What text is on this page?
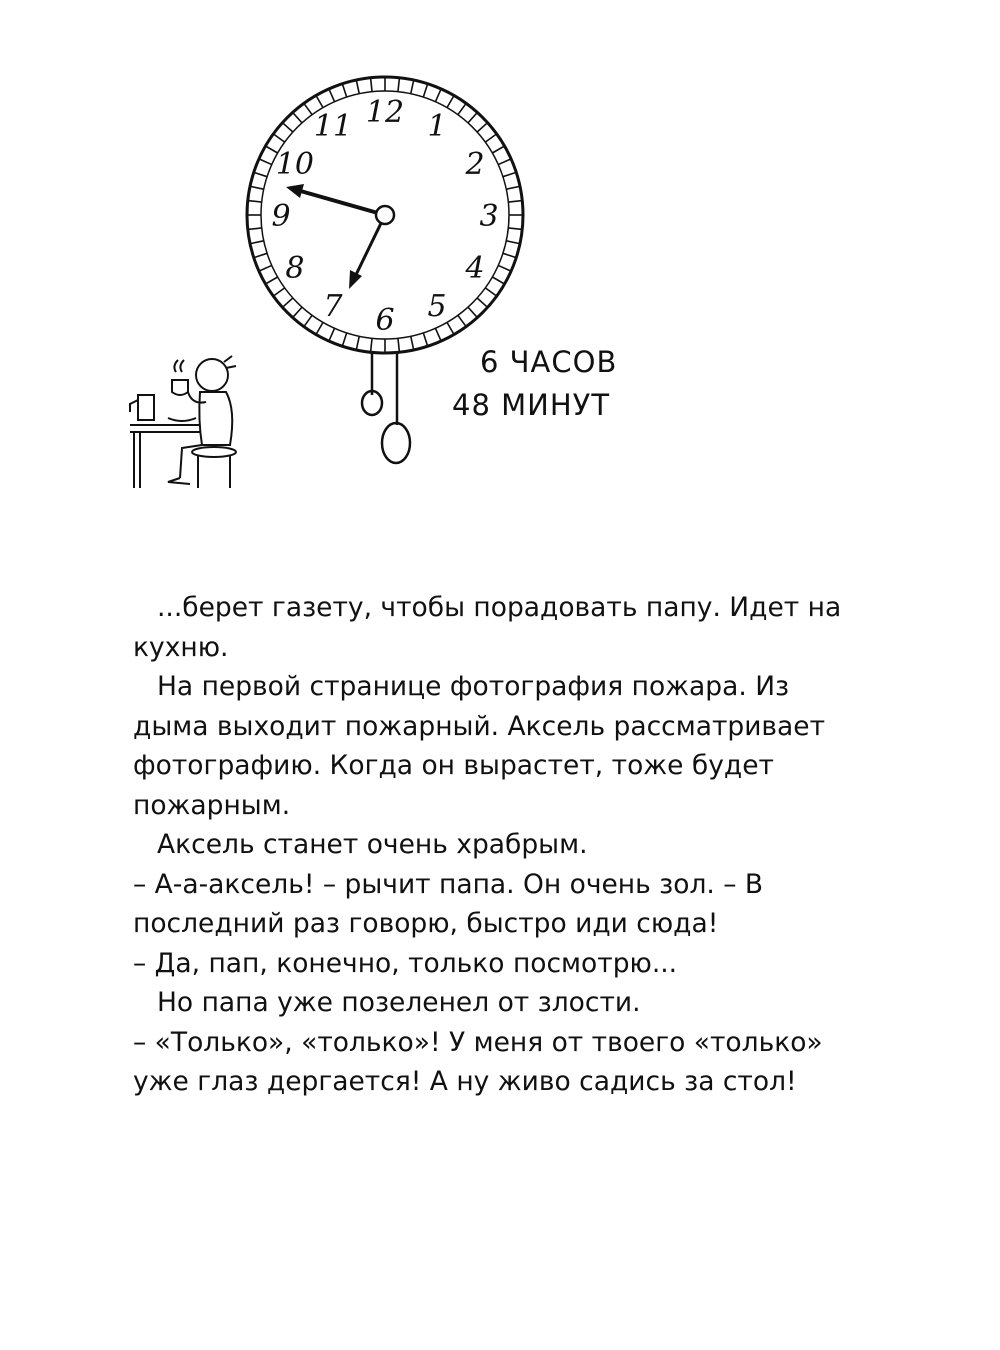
1
2
3
4
5
6
7
8
9
10
11 12
6 ЧАСОВ
48 МИНУТ

...берет газету, чтобы порадовать папу. Идет на кухню.

На первой странице фотография пожара. Из дыма выходит пожарный. Аксель рассматривает фотографию. Когда он вырастет, тоже будет пожарным.

Аксель станет очень храбрым.

– А-а-аксель! – рычит папа. Он очень зол. – В последний раз говорю, быстро иди сюда!

– Да, пап, конечно, только посмотрю...

Но папа уже позеленел от злости.

– «Только», «только»! У меня от твоего «только» уже глаз дергается! А ну живо садись за стол!
